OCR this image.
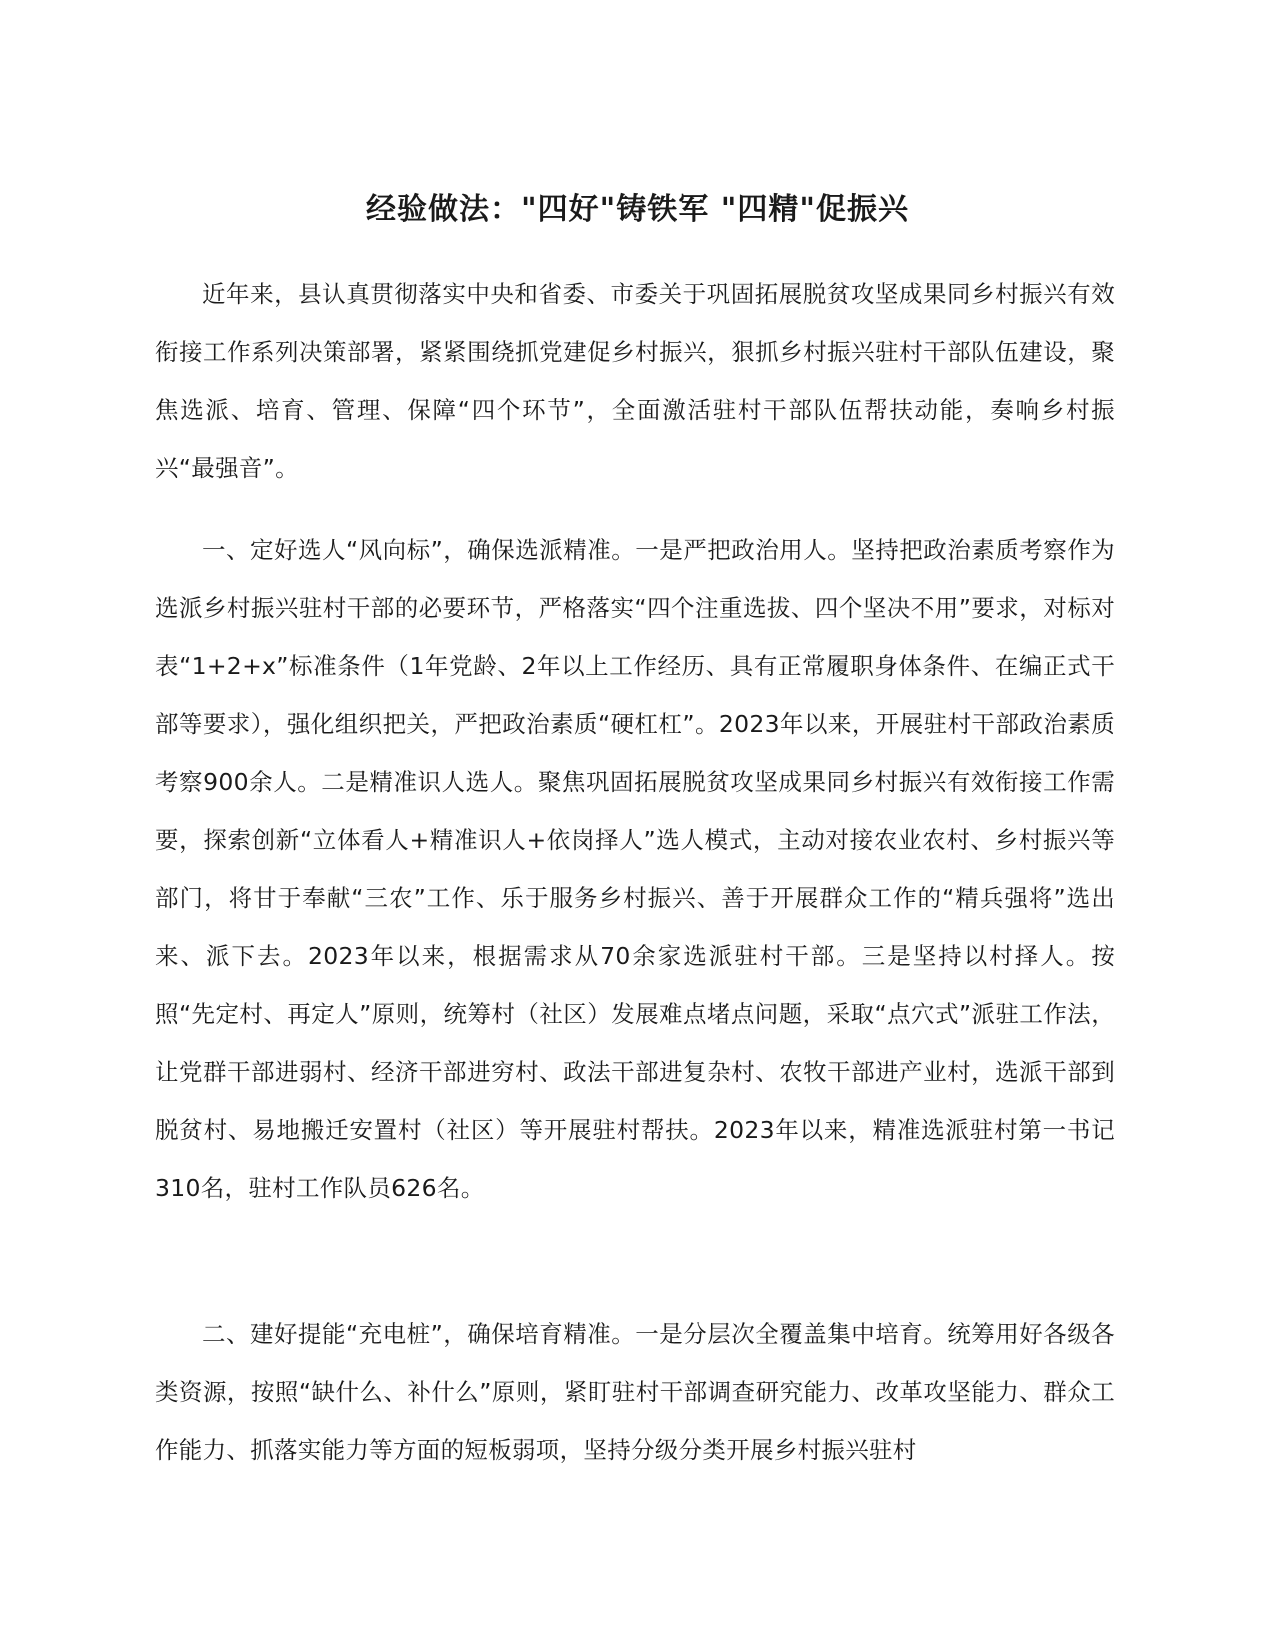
经验做法："四好"铸铁军 "四精"促振兴

近年来，县认真贯彻落实中央和省委、市委关于巩固拓展脱贫攻坚成果同乡村振兴有效衔接工作系列决策部署，紧紧围绕抓党建促乡村振兴，狠抓乡村振兴驻村干部队伍建设，聚焦选派、培育、管理、保障“四个环节”，全面激活驻村干部队伍帮扶动能，奏响乡村振兴“最强音”。

一、定好选人“风向标”，确保选派精准。一是严把政治用人。坚持把政治素质考察作为选派乡村振兴驻村干部的必要环节，严格落实“四个注重选拔、四个坚决不用”要求，对标对表“1+2+x”标准条件（1年党龄、2年以上工作经历、具有正常履职身体条件、在编正式干部等要求），强化组织把关，严把政治素质“硬杠杠”。2023年以来，开展驻村干部政治素质考察900余人。二是精准识人选人。聚焦巩固拓展脱贫攻坚成果同乡村振兴有效衔接工作需要，探索创新“立体看人+精准识人+依岗择人”选人模式，主动对接农业农村、乡村振兴等部门，将甘于奉献“三农”工作、乐于服务乡村振兴、善于开展群众工作的“精兵强将”选出来、派下去。2023年以来，根据需求从70余家选派驻村干部。三是坚持以村择人。按照“先定村、再定人”原则，统筹村（社区）发展难点堵点问题，采取“点穴式”派驻工作法，让党群干部进弱村、经济干部进穷村、政法干部进复杂村、农牧干部进产业村，选派干部到脱贫村、易地搬迁安置村（社区）等开展驻村帮扶。2023年以来，精准选派驻村第一书记310名，驻村工作队员626名。

二、建好提能“充电桩”，确保培育精准。一是分层次全覆盖集中培育。统筹用好各级各类资源，按照“缺什么、补什么”原则，紧盯驻村干部调查研究能力、改革攻坚能力、群众工作能力、抓落实能力等方面的短板弱项，坚持分级分类开展乡村振兴驻村
